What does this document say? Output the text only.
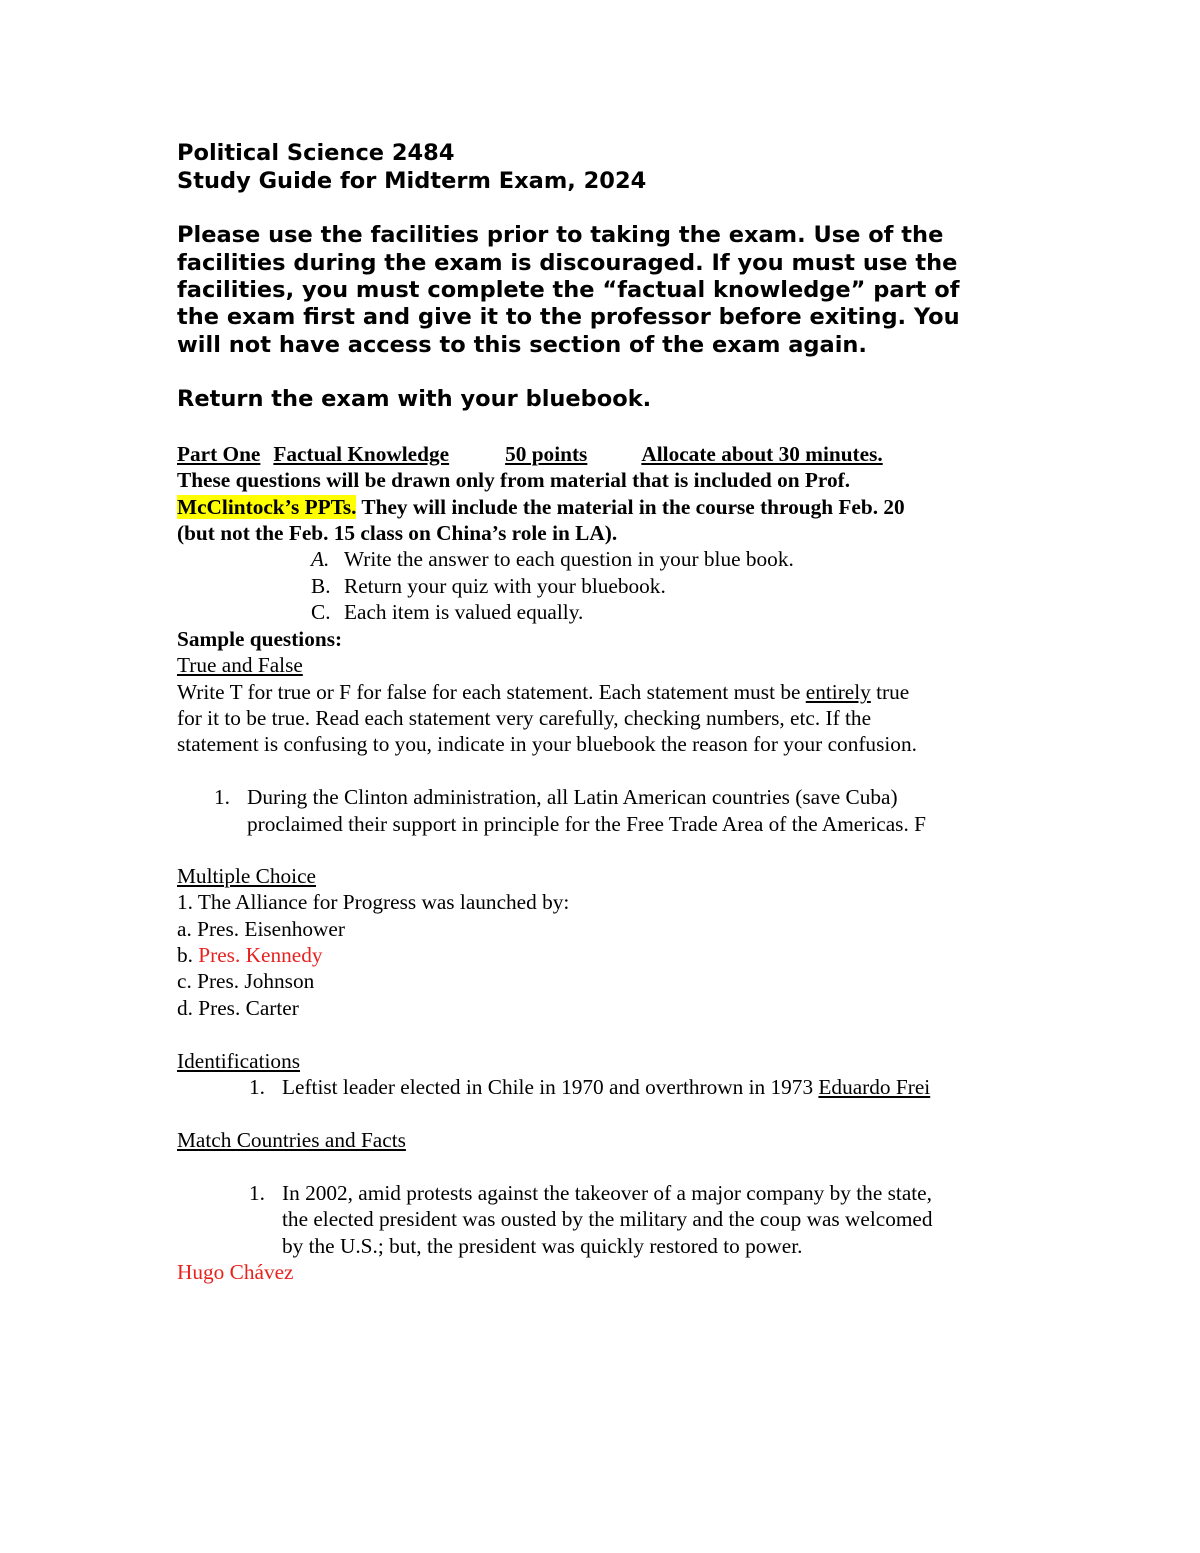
Political Science 2484
Study Guide for Midterm Exam, 2024
Please use the facilities prior to taking the exam. Use of the
facilities during the exam is discouraged. If you must use the
facilities, you must complete the “factual knowledge” part of
the exam first and give it to the professor before exiting. You
will not have access to this section of the exam again.
Return the exam with your bluebook.
Part One Factual Knowledge	50 points	Allocate about 30 minutes.
These questions will be drawn only from material that is included on Prof.
McClintock’s PPTs. They will include the material in the course through Feb. 20
(but not the Feb. 15 class on China’s role in LA).
A. Write the answer to each question in your blue book.
B. Return your quiz with your bluebook.
C. Each item is valued equally.
Sample questions:
True and False
Write T for true or F for false for each statement. Each statement must be entirely true
for it to be true. Read each statement very carefully, checking numbers, etc. If the
statement is confusing to you, indicate in your bluebook the reason for your confusion.
1. During the Clinton administration, all Latin American countries (save Cuba)
proclaimed their support in principle for the Free Trade Area of the Americas. F
Multiple Choice
1. The Alliance for Progress was launched by:
a. Pres. Eisenhower
b. Pres. Kennedy
c. Pres. Johnson
d. Pres. Carter
Identifications
1. Leftist leader elected in Chile in 1970 and overthrown in 1973 Eduardo Frei
Match Countries and Facts
1. In 2002, amid protests against the takeover of a major company by the state,
the elected president was ousted by the military and the coup was welcomed
by the U.S.; but, the president was quickly restored to power.
Hugo Chávez
